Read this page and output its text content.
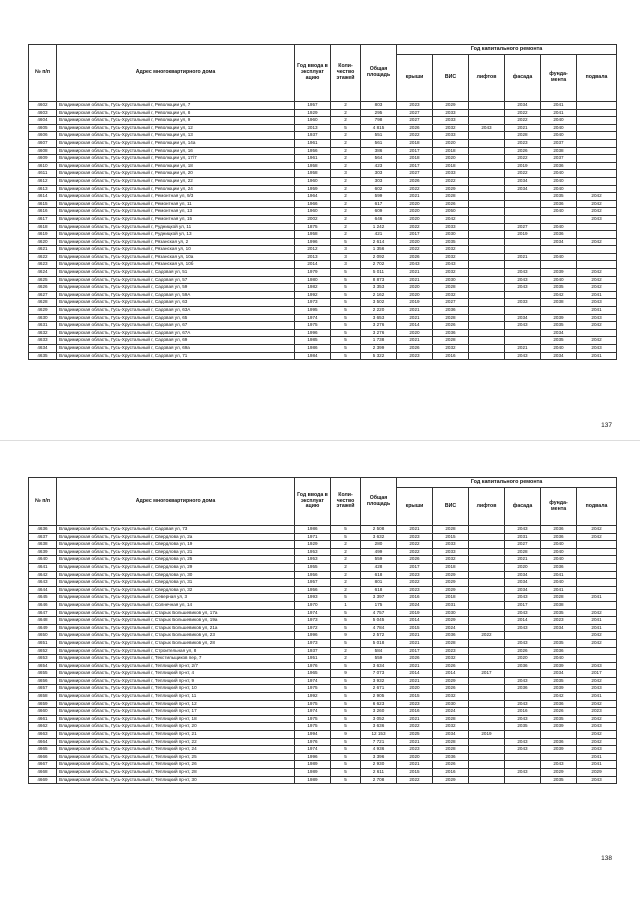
№ п/п	Адрес многоквартирного дома	Год ввода в эксплуат ацию	Коли- чество этажей	Общая площадь	Год капитального ремонта					
					крыши	ВИС	лифтов	фасада	фунда- мента	подвала
4602	Владимирская область, Гусь-Хрустальный г, Революции ул, 7	1957	2	803	2023	2029		2034	2041	
4603	Владимирская область, Гусь-Хрустальный г, Революции ул, 8	1929	2	295	2027	2033		2022	2041	
4604	Владимирская область, Гусь-Хрустальный г, Революции ул, 9	1960	2	798	2027	2033		2022	2040	
4605	Владимирская область, Гусь-Хрустальный г, Революции ул, 12	2013	5	4 815	2026	2032	2043	2021	2040	
4606	Владимирская область, Гусь-Хрустальный г, Революции ул, 13	1937	2	551	2022	2033		2028	2040	
4607	Владимирская область, Гусь-Хрустальный г, Революции ул, 14а	1961	2	561	2018	2020		2023	2037	
4608	Владимирская область, Гусь-Хрустальный г, Революции ул, 16	1956	2	386	2017	2018		2026	2038	
4609	Владимирская область, Гусь-Хрустальный г, Революции ул, 17/7	1961	2	564	2018	2020		2022	2037	
4610	Владимирская область, Гусь-Хрустальный г, Революции ул, 18	1958	2	423	2017	2018		2019	2036	
4611	Владимирская область, Гусь-Хрустальный г, Революции ул, 20	1958	3	303	2027	2033		2022	2040	
4612	Владимирская область, Гусь-Хрустальный г, Революции ул, 22	1960	2	303	2026	2022		2034	2040	
4613	Владимирская область, Гусь-Хрустальный г, Революции ул, 24	1959	2	602	2022	2029		2034	2040	
4614	Владимирская область, Гусь-Хрустальный г, Ремонтная ул, 9/3	1964	2	599	2021	2028			2035	2042
4615	Владимирская область, Гусь-Хрустальный г, Ремонтная ул, 11	1966	2	617	2020	2026			2036	2042
4616	Владимирская область, Гусь-Хрустальный г, Ремонтная ул, 13	1960	2	609	2020	2050			2040	2042
4617	Владимирская область, Гусь-Хрустальный г, Ремонтная ул, 15	2002	2	646	2020	2042				2043
4618	Владимирская область, Гусь-Хрустальный г, Рудницкой ул, 11	1875	2	1 242	2022	2033		2027	2040	
4619	Владимирская область, Гусь-Хрустальный г, Рудницкой ул, 13	1958	2	421	2017	2030		2019	2036	
4620	Владимирская область, Гусь-Хрустальный г, Рязанская ул, 2	1996	5	2 614	2020	2035			2034	2042
4621	Владимирская область, Гусь-Хрустальный г, Рязанская ул, 10	2012	3	1 356	2022	2032				
4622	Владимирская область, Гусь-Хрустальный г, Рязанская ул, 10а	2013	3	2 092	2026	2032		2021	2040	
4623	Владимирская область, Гусь-Хрустальный г, Рязанская ул, 10б	2014	3	2 702	2043	2043				
4624	Владимирская область, Гусь-Хрустальный г, Садовая ул, 51	1979	5	5 011	2021	2032		2043	2039	2042
4625	Владимирская область, Гусь-Хрустальный г, Садовая ул, 57	1980	5	8 873	2021	2030		2043	2040	2042
4626	Владимирская область, Гусь-Хрустальный г, Садовая ул, 59	1982	5	3 353	2020	2028		2043	2035	2042
4627	Владимирская область, Гусь-Хрустальный г, Садовая ул, 59А	1992	5	2 162	2020	2032			2042	2041
4628	Владимирская область, Гусь-Хрустальный г, Садовая ул, 63	1973	5	3 502	2019	2027		2033	2038	2043
4629	Владимирская область, Гусь-Хрустальный г, Садовая ул, 63А	1995	5	2 220	2021	2036				2041
4630	Владимирская область, Гусь-Хрустальный г, Садовая ул, 65	1974	5	3 653	2021	2028		2034	2039	2043
4631	Владимирская область, Гусь-Хрустальный г, Садовая ул, 67	1975	5	3 276	2014	2026		2043	2035	2042
4632	Владимирская область, Гусь-Хрустальный г, Садовая ул, 67А	1996	5	3 276	2020	2036			2034	
4633	Владимирская область, Гусь-Хрустальный г, Садовая ул, 69	1985	5	1 738	2021	2028			2035	2042
4634	Владимирская область, Гусь-Хрустальный г, Садовая ул, 69а	1986	5	2 399	2026	2032		2021	2040	2043
4635	Владимирская область, Гусь-Хрустальный г, Садовая ул, 71	1984	5	5 322	2023	2016		2043	2034	2041
137
№ п/п	Адрес многоквартирного дома	Год ввода в эксплуат ацию	Коли- чество этажей	Общая площадь	Год капитального ремонта					
					крыши	ВИС	лифтов	фасада	фунда- мента	подвала
4636	Владимирская область, Гусь-Хрустальный г, Садовая ул, 73	1986	5	2 508	2021	2028		2043	2036	2042
4637	Владимирская область, Гусь-Хрустальный г, Свердлова ул, 2а	1971	5	3 632	2023	2015		2031	2036	2042
4638	Владимирская область, Гусь-Хрустальный г, Свердлова ул, 19	1929	2	280	2022	2033		2027	2040	
4639	Владимирская область, Гусь-Хрустальный г, Свердлова ул, 21	1953	2	499	2022	2033		2028	2040	
4640	Владимирская область, Гусь-Хрустальный г, Свердлова ул, 25	1953	2	559	2026	2032		2021	2040	
4641	Владимирская область, Гусь-Хрустальный г, Свердлова ул, 29	1955	2	428	2017	2018		2020	2036	
4642	Владимирская область, Гусь-Хрустальный г, Свердлова ул, 30	1956	2	618	2023	2029		2034	2041	
4643	Владимирская область, Гусь-Хрустальный г, Свердлова ул, 31	1957	2	801	2022	2029		2034	2040	
4644	Владимирская область, Гусь-Хрустальный г, Свердлова ул, 32	1956	2	618	2023	2029		2034	2041	
4645	Владимирская область, Гусь-Хрустальный г, Северная ул, 3	1993	5	3 397	2016	2018		2043	2028	2041
4646	Владимирская область, Гусь-Хрустальный г, Солнечная ул, 14	1970	1	175	2024	2031		2017	2038	
4647	Владимирская область, Гусь-Хрустальный г, Старых Большевиков ул, 17а	1974	5	4 757	2019	2030		2043	2035	2042
4648	Владимирская область, Гусь-Хрустальный г, Старых Большевиков ул, 19а	1973	5	5 045	2014	2029		2014	2023	2041
4649	Владимирская область, Гусь-Хрустальный г, Старых Большевиков ул, 21а	1972	5	4 784	2015	2024		2043	2034	2041
4650	Владимирская область, Гусь-Хрустальный г, Старых Большевиков ул, 23	1996	9	2 572	2021	2036	2022			2042
4651	Владимирская область, Гусь-Хрустальный г, Старых Большевиков ул, 28	1973	5	5 018	2021	2028		2043	2035	2042
4652	Владимирская область, Гусь-Хрустальный г, Строительная ул, 8	1937	2	584	2017	2023		2026	2036	
4653	Владимирская область, Гусь-Хрустальный г, Текстильщиков пер, 7	1951	2	559	2026	2032		2020	2040	
4654	Владимирская область, Гусь-Хрустальный г, Теплицкий пр-кт, 2/7	1976	5	3 634	2021	2026		2036	2039	2043
4655	Владимирская область, Гусь-Хрустальный г, Теплицкий пр-кт, 4	1965	9	7 073	2014	2014	2017		2034	2017
4656	Владимирская область, Гусь-Хрустальный г, Теплицкий пр-кт, 9	1974	5	3 932	2021	2029		2043	2035	2042
4657	Владимирская область, Гусь-Хрустальный г, Теплицкий пр-кт, 10	1975	5	2 671	2020	2026		2036	2039	2043
4658	Владимирская область, Гусь-Хрустальный г, Теплицкий пр-кт, 11	1992	5	2 905	2015	2032			2042	2041
4659	Владимирская область, Гусь-Хрустальный г, Теплицкий пр-кт, 12	1975	5	6 623	2023	2030		2043	2036	2042
4660	Владимирская область, Гусь-Хрустальный г, Теплицкий пр-кт, 17	1974	5	3 260	2016	2024		2016	2026	2023
4661	Владимирская область, Гусь-Хрустальный г, Теплицкий пр-кт, 18	1975	5	3 052	2021	2028		2043	2035	2042
4662	Владимирская область, Гусь-Хрустальный г, Теплицкий пр-кт, 20	1975	5	3 636	2022	2032		2035	2039	2043
4663	Владимирская область, Гусь-Хрустальный г, Теплицкий пр-кт, 21	1994	9	12 153	2025	2034	2019			2042
4664	Владимирская область, Гусь-Хрустальный г, Теплицкий пр-кт, 22	1976	5	7 721	2021	2028		2043	2036	2042
4665	Владимирская область, Гусь-Хрустальный г, Теплицкий пр-кт, 24	1974	5	4 936	2023	2028		2043	2039	2043
4666	Владимирская область, Гусь-Хрустальный г, Теплицкий пр-кт, 25	1996	5	3 396	2020	2036				2041
4667	Владимирская область, Гусь-Хрустальный г, Теплицкий пр-кт, 26	1989	5	2 930	2021	2026			2043	2041
4668	Владимирская область, Гусь-Хрустальный г, Теплицкий пр-кт, 28	1989	5	2 611	2015	2016		2043	2029	2029
4669	Владимирская область, Гусь-Хрустальный г, Теплицкий пр-кт, 30	1989	5	2 708	2022	2029			2035	2043
138
